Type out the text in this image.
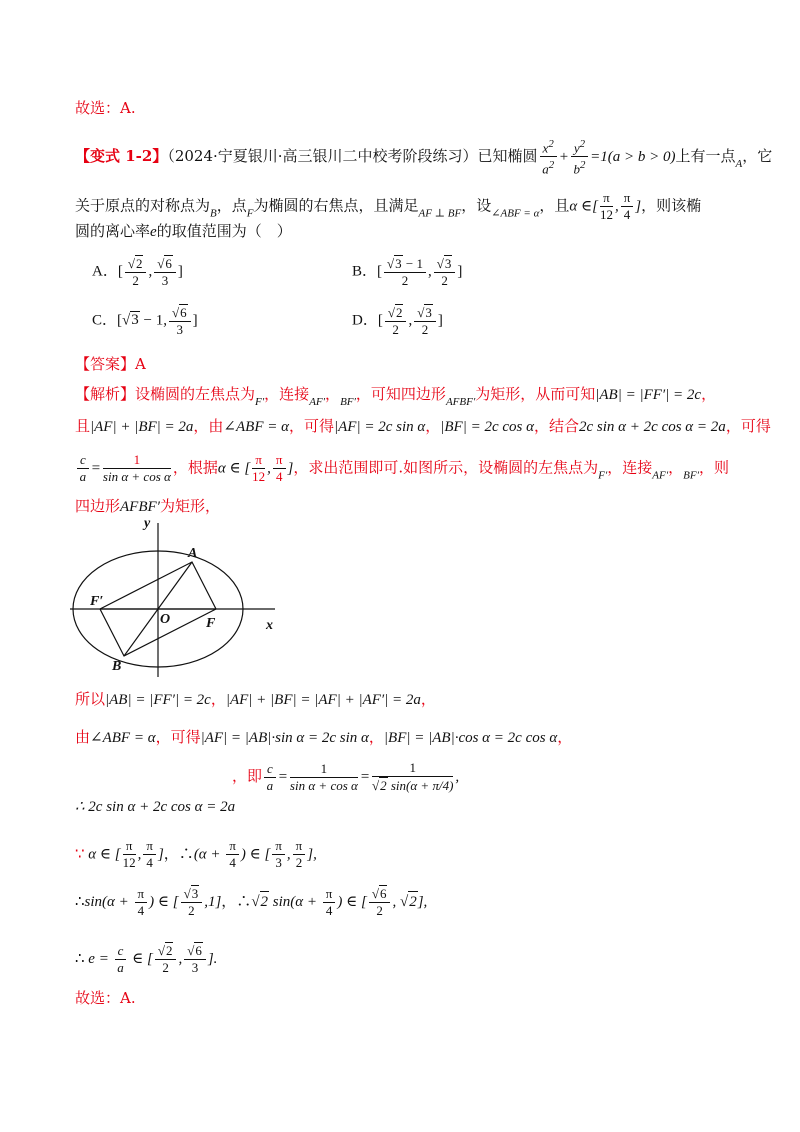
故选：A.
【变式 1-2】（2024·宁夏银川·高三银川二中校考阶段练习）已知椭圆 $\frac{x^2}{a^2} + \frac{y^2}{b^2} =1(a > b > 0)$上有一点$_A$，它
关于原点的对称点为$_B$，点$_F$为椭圆的右焦点，且满足$_{AF \perp BF}$，设$_{\angle ABF = \alpha}$，且α ∈[ $\frac{\pi}{12}$ , $\frac{\pi}{4}$ ]，则该椭
圆的离心率e的取值范围为（　）
A．[ $\frac{√2}{2}$ , $\frac{√6}{3}$ ]	B．[ $\frac{√3 - 1}{2}$ , $\frac{√3}{2}$ ]
C．[√3 − 1, $\frac{√6}{3}$ ]	D．[ $\frac{√2}{2}$ , $\frac{√3}{2}$ ]
【答案】A
【解析】设椭圆的左焦点为$_{F'}$，连接$_{AF'}$，$_{BF'}$，可知四边形$_{AFBF'}$为矩形，从而可知|AB| = |FF′| = 2c，
且|AF| + |BF| = 2a，由∠ABF = α，可得|AF| = 2c sin α，|BF| = 2c cos α，结合2c sin α + 2c cos α = 2a，可得
$\frac{c}{a} = \frac{1}{\text{sin α + cos α}}$ ，根据α ∈ [ $\frac{\pi}{12}$ , $\frac{\pi}{4}$ ]，求出范围即可.如图所示，设椭圆的左焦点为$_{F'}$，连接$_{AF'}$，$_{BF'}$，则
四边形AFBF′为矩形，
y
x
A
B
F
F′
O
所以|AB| = |FF′| = 2c，|AF| + |BF| = |AF| + |AF′| = 2a，
由∠ABF = α，可得|AF| = |AB|·sin α = 2c sin α，|BF| = |AB|·cos α = 2c cos α，
，即 $\frac{c}{a} = \frac{1}{\text{sin α + cos α}} = \frac{1}{√2 \sin(\alpha + \pi/4)}$ ,
∴ 2c sin α + 2c cos α = 2a
∵ α ∈ [ $\frac{\pi}{12}$ , $\frac{\pi}{4}$ ]，∴(α + $\frac{\pi}{4}$ ) ∈ [ $\frac{\pi}{3}$ , $\frac{\pi}{2}$ ],
∴sin(α + $\frac{\pi}{4}$ ) ∈ [ $\frac{√3}{2} ,1$]，∴√2 $\sin(\alpha + \frac{\pi}{4}$ ) ∈ [ $\frac{√6}{2}$ , √2],
∴ $e = \frac{c}{a}$ ∈ [ $\frac{√2}{2}$ , $\frac{√6}{3}$ ].
故选：A.
